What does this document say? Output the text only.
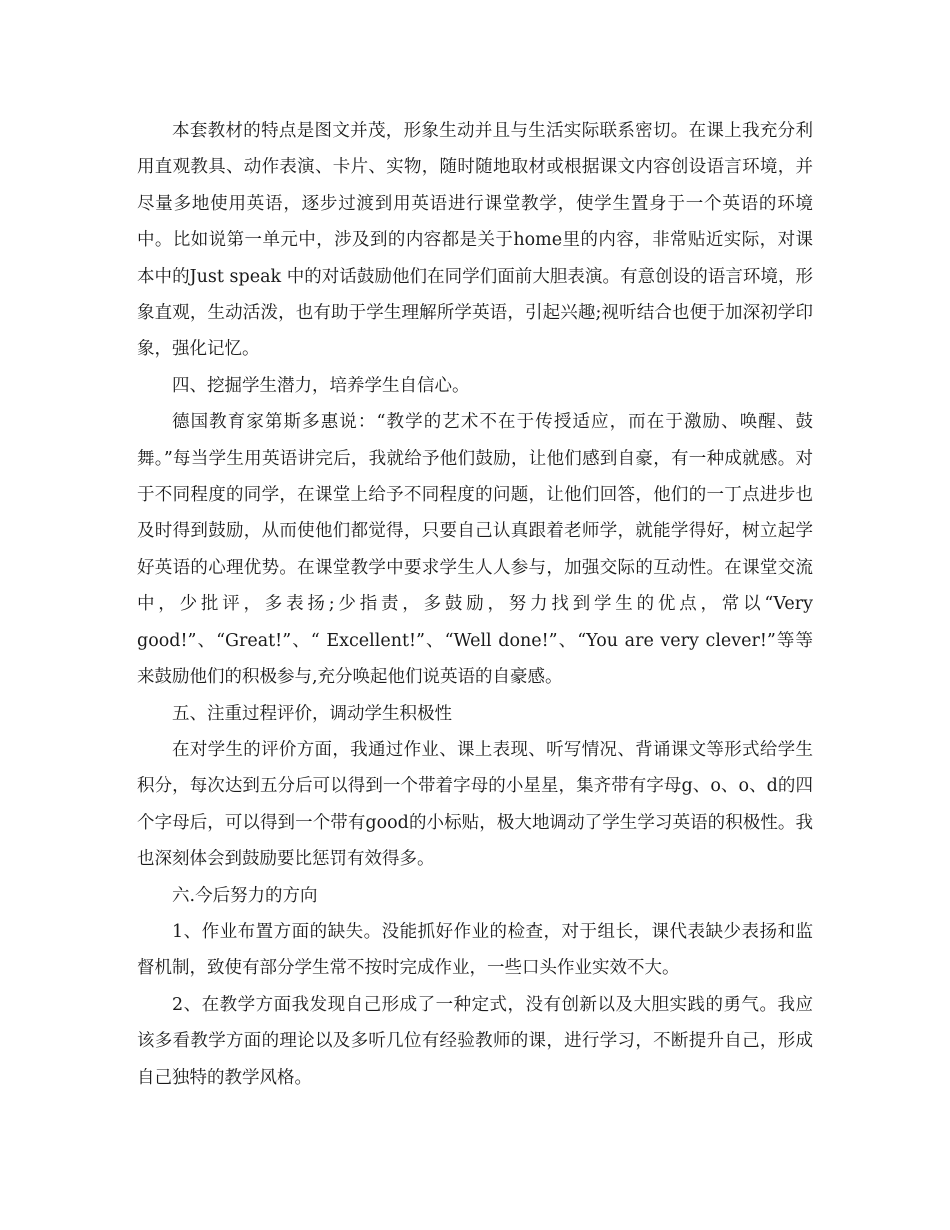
本套教材的特点是图文并茂，形象生动并且与生活实际联系密切。在课上我充分利用直观教具、动作表演、卡片、实物，随时随地取材或根据课文内容创设语言环境，并尽量多地使用英语，逐步过渡到用英语进行课堂教学，使学生置身于一个英语的环境中。比如说第一单元中，涉及到的内容都是关于home里的内容，非常贴近实际，对课本中的Just speak 中的对话鼓励他们在同学们面前大胆表演。有意创设的语言环境，形象直观，生动活泼，也有助于学生理解所学英语，引起兴趣;视听结合也便于加深初学印象，强化记忆。

四、挖掘学生潜力，培养学生自信心。

德国教育家第斯多惠说：“教学的艺术不在于传授适应，而在于激励、唤醒、鼓舞。”每当学生用英语讲完后，我就给予他们鼓励，让他们感到自豪，有一种成就感。对于不同程度的同学，在课堂上给予不同程度的问题，让他们回答，他们的一丁点进步也及时得到鼓励，从而使他们都觉得，只要自己认真跟着老师学，就能学得好，树立起学好英语的心理优势。在课堂教学中要求学生人人参与，加强交际的互动性。在课堂交流中，少批评，多表扬;少指责，多鼓励，努力找到学生的优点，常以“Very good!”、“Great!”、“ Excellent!”、“Well done!”、“You are very clever!”等等来鼓励他们的积极参与,充分唤起他们说英语的自豪感。

五、注重过程评价，调动学生积极性

在对学生的评价方面，我通过作业、课上表现、听写情况、背诵课文等形式给学生积分，每次达到五分后可以得到一个带着字母的小星星，集齐带有字母g、o、o、d的四个字母后，可以得到一个带有good的小标贴，极大地调动了学生学习英语的积极性。我也深刻体会到鼓励要比惩罚有效得多。

六.今后努力的方向

1、作业布置方面的缺失。没能抓好作业的检查，对于组长，课代表缺少表扬和监督机制，致使有部分学生常不按时完成作业，一些口头作业实效不大。

2、在教学方面我发现自己形成了一种定式，没有创新以及大胆实践的勇气。我应该多看教学方面的理论以及多听几位有经验教师的课，进行学习，不断提升自己，形成自己独特的教学风格。
